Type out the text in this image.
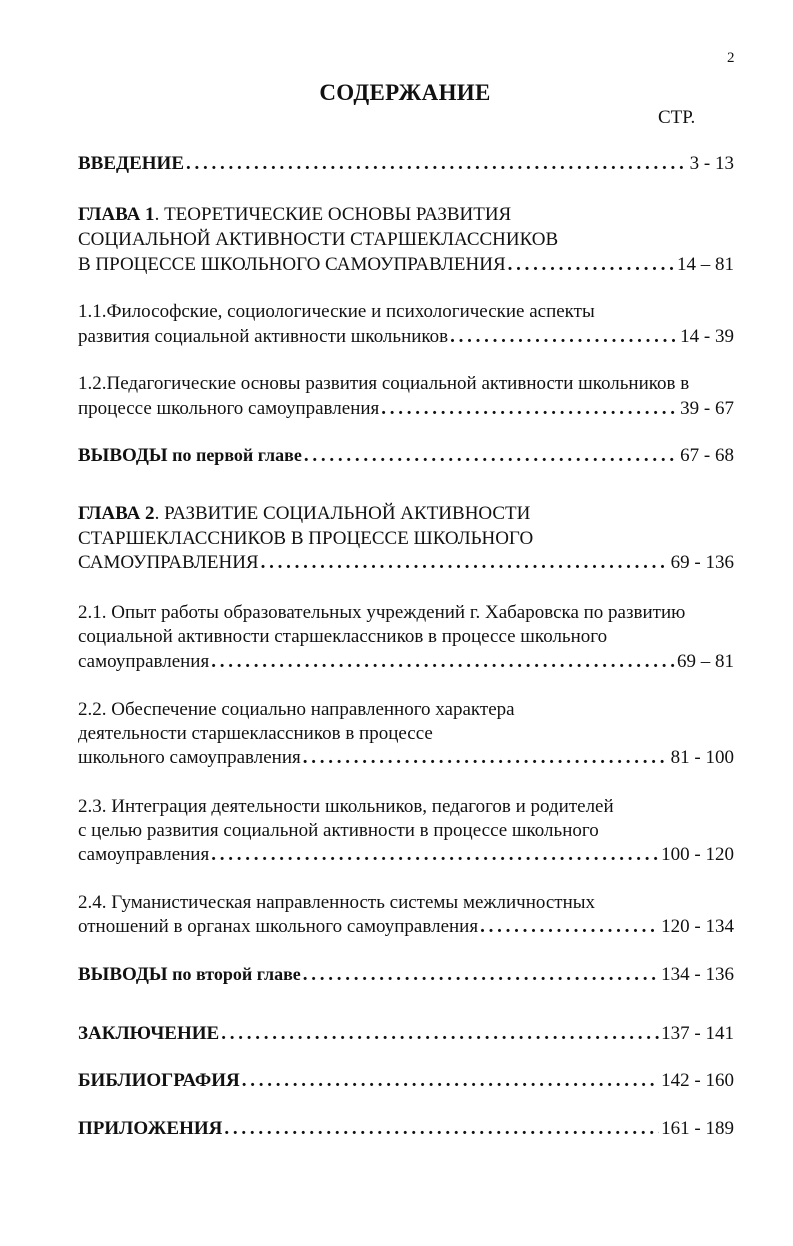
2
СОДЕРЖАНИЕ
СТР.
ВВЕДЕНИЕ . . .	3 - 13
ГЛАВА 1. ТЕОРЕТИЧЕСКИЕ ОСНОВЫ РАЗВИТИЯ
СОЦИАЛЬНОЙ АКТИВНОСТИ СТАРШЕКЛАССНИКОВ
В ПРОЦЕССЕ ШКОЛЬНОГО САМОУПРАВЛЕНИЯ . . .	14 – 81
1.1.Философские, социологические и психологические аспекты
развития социальной активности школьников . . .	14 - 39
1.2.Педагогические основы развития социальной активности школьников в
процессе школьного самоуправления . . .	39 - 67
ВЫВОДЫ по первой главе . . .	67 - 68
ГЛАВА 2. РАЗВИТИЕ СОЦИАЛЬНОЙ АКТИВНОСТИ
СТАРШЕКЛАССНИКОВ В ПРОЦЕССЕ ШКОЛЬНОГО
САМОУПРАВЛЕНИЯ . . .	69 - 136
2.1. Опыт работы образовательных учреждений г. Хабаровска по развитию
социальной активности старшеклассников в процессе школьного
самоуправления . . .	69 – 81
2.2. Обеспечение социально направленного характера
деятельности старшеклассников в процессе
школьного самоуправления . . .	81 - 100
2.3. Интеграция деятельности школьников, педагогов и родителей
с целью развития социальной активности в процессе школьного
самоуправления . . .	100 - 120
2.4. Гуманистическая направленность системы межличностных
отношений в органах школьного самоуправления . . .	120 - 134
ВЫВОДЫ по второй главе . . .	134 - 136
ЗАКЛЮЧЕНИЕ . . .	137 - 141
БИБЛИОГРАФИЯ . . .	142 - 160
ПРИЛОЖЕНИЯ . . .	161 - 189
